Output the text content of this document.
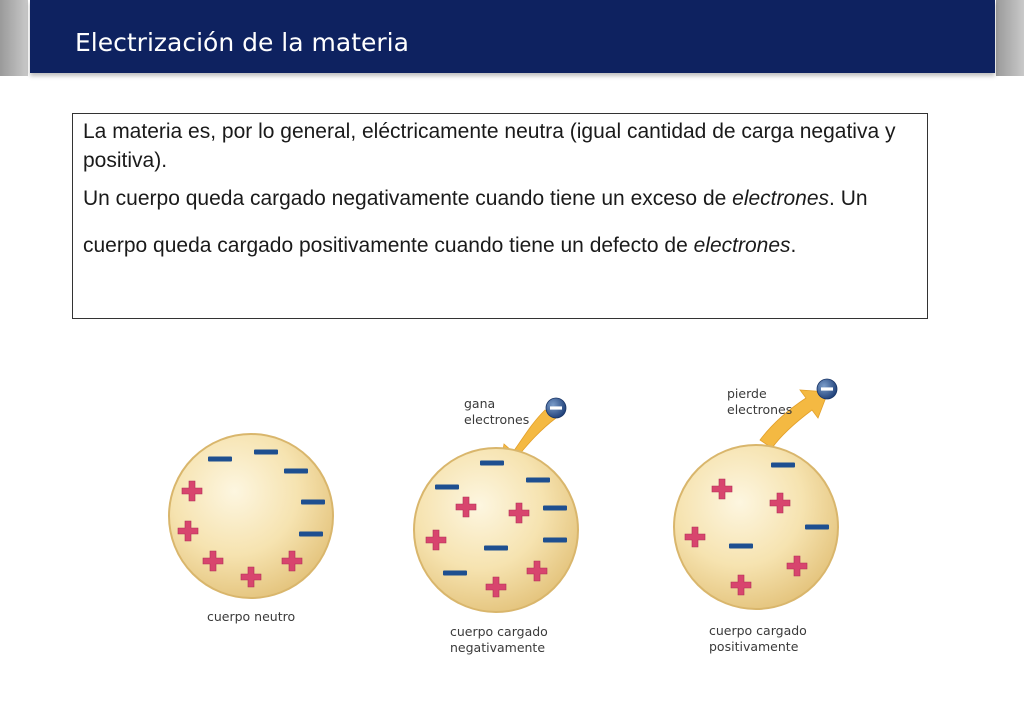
Electrización de la materia

La materia es, por lo general, eléctricamente neutra (igual cantidad de carga negativa y positiva).

Un cuerpo queda cargado negativamente cuando tiene un exceso de electrones. Un cuerpo queda cargado positivamente cuando tiene un defecto de electrones.

cuerpo neutro
gana
electrones
cuerpo cargado
negativamente
pierde
electrones
cuerpo cargado
positivamente
